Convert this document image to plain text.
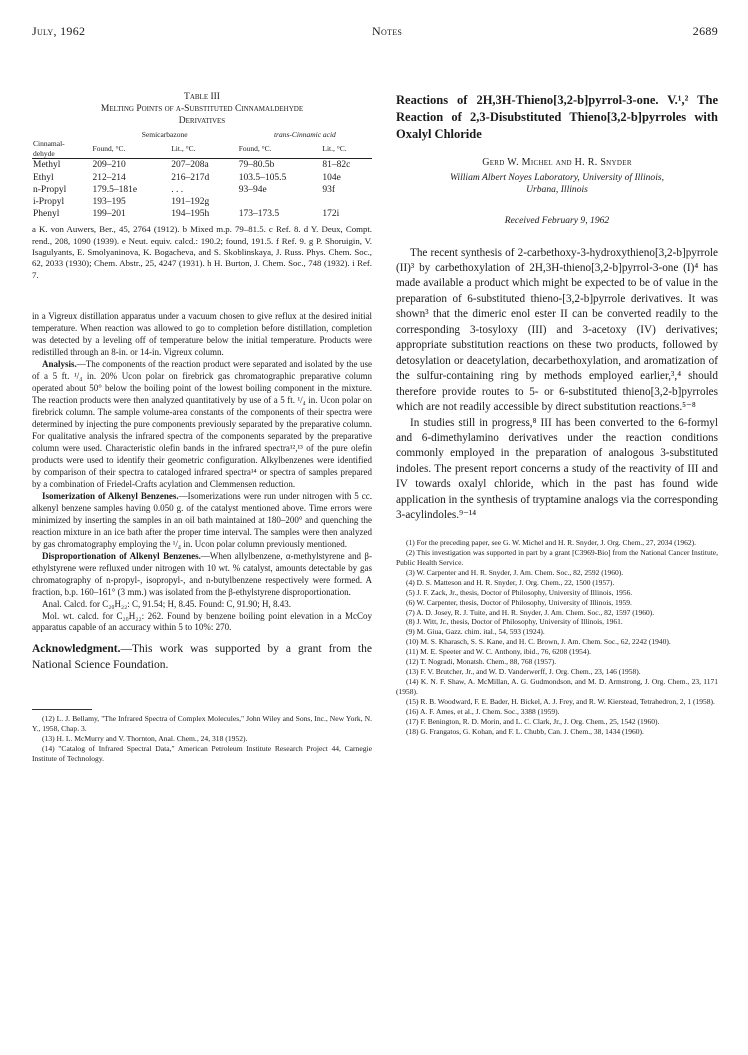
July, 1962	Notes	2689

Table III

Melting Points of α-Substituted Cinnamaldehyde

Derivatives

	Semicarbazone		trans-Cinnamic acid	
Cinnamal-
dehyde	Found, °C.	Lit., °C.	Found, °C.	Lit., °C.
Methyl	209–210	207–208a	79–80.5b	81–82c
Ethyl	212–214	216–217d	103.5–105.5	104e
n-Propyl	179.5–181e	. . .	93–94e	93f
i-Propyl	193–195	191–192g		
Phenyl	199–201	194–195h	173–173.5	172i

a K. von Auwers, Ber., 45, 2764 (1912). b Mixed m.p. 79–81.5. c Ref. 8. d Y. Deux, Compt. rend., 208, 1090 (1939). e Neut. equiv. calcd.: 190.2; found, 191.5. f Ref. 9. g P. Shoruigin, V. Isagulyants, E. Smolyaninova, K. Bogacheva, and S. Skoblinskaya, J. Russ. Phys. Chem. Soc., 62, 2033 (1930); Chem. Abstr., 25, 4247 (1931). h H. Burton, J. Chem. Soc., 748 (1932). i Ref. 7.

in a Vigreux distillation apparatus under a vacuum chosen to give reflux at the desired initial temperature. When reaction was allowed to go to completion before distillation, completion was detected by a leveling off of temperature below the initial temperature. Products were redistilled through an 8-in. or 14-in. Vigreux column.

Analysis.—The components of the reaction product were separated and isolated by the use of a 5 ft. ¹/₄ in. 20% Ucon polar on firebrick gas chromatographic preparative column operated about 50° below the boiling point of the lowest boiling component in the mixture. The reaction products were then analyzed quantitatively by use of a 5 ft. ¹/₄ in. Ucon polar on firebrick column. The sample volume-area constants of the components of their spectra were determined by injecting the pure components previously separated by the preparative column. For qualitative analysis the infrared spectra of the components separated by the preparative column were used. Characteristic olefin bands in the infrared spectra¹²,¹³ of the pure olefin products were used to identify their geometric configuration. Alkylbenzenes were identified by comparison of their spectra to cataloged infrared spectra¹⁴ or spectra of samples prepared by a combination of Friedel-Crafts acylation and Clemmensen reduction.

Isomerization of Alkenyl Benzenes.—Isomerizations were run under nitrogen with 5 cc. alkenyl benzene samples having 0.050 g. of the catalyst mentioned above. Time errors were minimized by inserting the samples in an oil bath maintained at 180–200° and quenching the reaction mixture in an ice bath after the proper time interval. The samples were then analyzed by gas chromatography employing the ¹/₄ in. Ucon polar column previously mentioned.

Disproportionation of Alkenyl Benzenes.—When allylbenzene, α-methylstyrene and β-ethylstyrene were refluxed under nitrogen with 10 wt. % catalyst, amounts detectable by gas chromatography of n-propyl-, isopropyl-, and n-butylbenzene respectively were formed. A fraction, b.p. 160–161° (3 mm.) was isolated from the β-ethylstyrene disproportionation.

Anal. Calcd. for C₂₀H₂₂: C, 91.54; H, 8.45. Found: C, 91.90; H, 8.43.

Mol. wt. calcd. for C₂₀H₂₂: 262. Found by benzene boiling point elevation in a McCoy apparatus capable of an accuracy within 5 to 10%: 270.

Acknowledgment.—This work was supported by a grant from the National Science Foundation.

(12) L. J. Bellamy, "The Infrared Spectra of Complex Molecules," John Wiley and Sons, Inc., New York, N. Y., 1958, Chap. 3.
(13) H. L. McMurry and V. Thornton, Anal. Chem., 24, 318 (1952).
(14) "Catalog of Infrared Spectral Data," American Petroleum Institute Research Project 44, Carnegie Institute of Technology.

Reactions of 2H,3H-Thieno[3,2-b]pyrrol-3-one. V.¹,² The Reaction of 2,3-Disubstituted Thieno[3,2-b]pyrroles with Oxalyl Chloride

Gerd W. Michel and H. R. Snyder

William Albert Noyes Laboratory, University of Illinois,
Urbana, Illinois

Received February 9, 1962

The recent synthesis of 2-carbethoxy-3-hydroxythieno[3,2-b]pyrrole (II)³ by carbethoxylation of 2H,3H-thieno[3,2-b]pyrrol-3-one (I)⁴ has made available a product which might be expected to be of value in the preparation of 6-substituted thieno-[3,2-b]pyrrole derivatives. It was shown³ that the dimeric enol ester II can be converted readily to the corresponding 3-tosyloxy (III) and 3-acetoxy (IV) derivatives; appropriate substitution reactions on these two products, followed by detosylation or deacetylation, decarbethoxylation, and aromatization of the sulfur-containing ring by methods employed earlier,³,⁴ should therefore provide routes to 5- or 6-substituted thieno[3,2-b]pyrroles which are not readily accessible by direct substitution reactions.⁵⁻⁸

In studies still in progress,⁸ III has been converted to the 6-formyl and 6-dimethylamino derivatives under the reaction conditions commonly employed in the preparation of analogous 3-substituted indoles. The present report concerns a study of the reactivity of III and IV towards oxalyl chloride, which in the past has found wide application in the synthesis of tryptamine analogs via the corresponding 3-acylindoles.⁹⁻¹⁴

(1) For the preceding paper, see G. W. Michel and H. R. Snyder, J. Org. Chem., 27, 2034 (1962).
(2) This investigation was supported in part by a grant [C3969-Bio] from the National Cancer Institute, Public Health Service.
(3) W. Carpenter and H. R. Snyder, J. Am. Chem. Soc., 82, 2592 (1960).
(4) D. S. Matteson and H. R. Snyder, J. Org. Chem., 22, 1500 (1957).
(5) J. F. Zack, Jr., thesis, Doctor of Philosophy, University of Illinois, 1956.
(6) W. Carpenter, thesis, Doctor of Philosophy, University of Illinois, 1959.
(7) A. D. Josey, R. J. Tuite, and H. R. Snyder, J. Am. Chem. Soc., 82, 1597 (1960).
(8) J. Witt, Jr., thesis, Doctor of Philosophy, University of Illinois, 1961.
(9) M. Giua, Gazz. chim. ital., 54, 593 (1924).
(10) M. S. Kharasch, S. S. Kane, and H. C. Brown, J. Am. Chem. Soc., 62, 2242 (1940).
(11) M. E. Speeter and W. C. Anthony, ibid., 76, 6208 (1954).
(12) T. Nogradi, Monatsh. Chem., 88, 768 (1957).
(13) F. V. Brutcher, Jr., and W. D. Vanderwerff, J. Org. Chem., 23, 146 (1958).
(14) K. N. F. Shaw, A. McMillan, A. G. Gudmondson, and M. D. Armstrong, J. Org. Chem., 23, 1171 (1958).
(15) R. B. Woodward, F. E. Bader, H. Bickel, A. J. Frey, and R. W. Kierstead, Tetrahedron, 2, 1 (1958).
(16) A. F. Ames, et al., J. Chem. Soc., 3388 (1959).
(17) F. Benington, R. D. Morin, and L. C. Clark, Jr., J. Org. Chem., 25, 1542 (1960).
(18) G. Frangatos, G. Kohan, and F. L. Chubb, Can. J. Chem., 38, 1434 (1960).
